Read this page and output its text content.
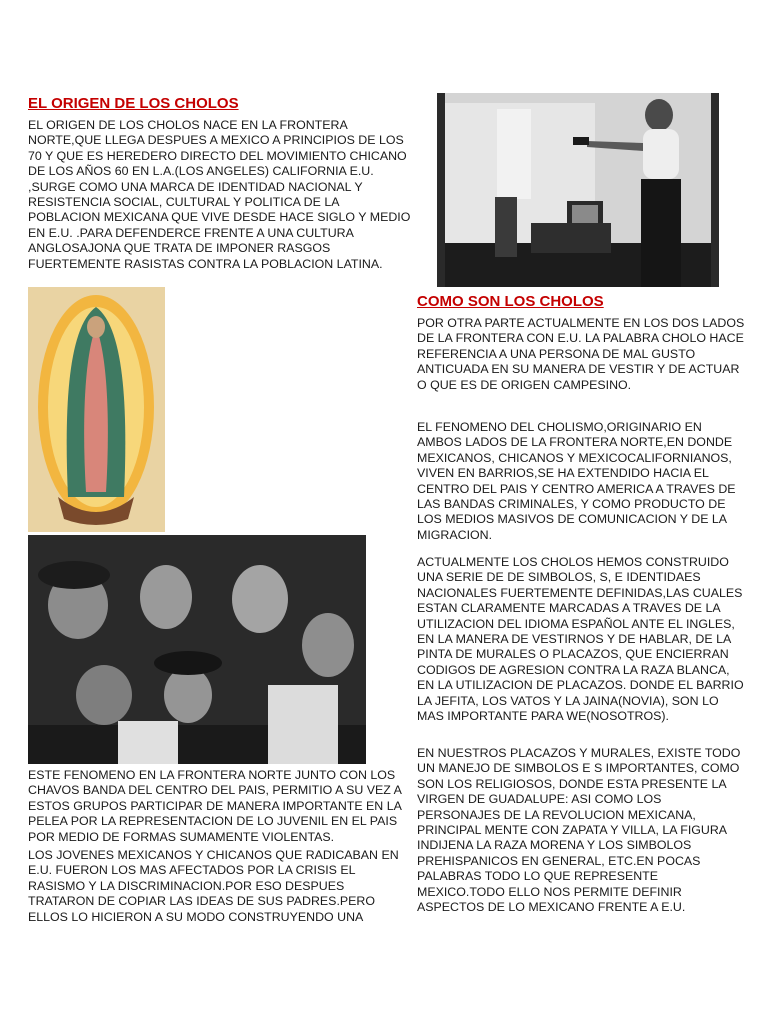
EL ORIGEN DE LOS CHOLOS

EL ORIGEN DE LOS CHOLOS NACE EN LA FRONTERA NORTE,QUE LLEGA DESPUES A MEXICO A PRINCIPIOS DE LOS 70 Y QUE ES HEREDERO DIRECTO DEL MOVIMIENTO CHICANO DE LOS AÑOS 60 EN L.A.(LOS ANGELES) CALIFORNIA E.U. ,SURGE COMO UNA MARCA DE IDENTIDAD NACIONAL Y RESISTENCIA SOCIAL, CULTURAL Y POLITICA DE LA POBLACION MEXICANA QUE VIVE DESDE HACE SIGLO Y MEDIO EN E.U. .PARA DEFENDERCE FRENTE A UNA CULTURA ANGLOSAJONA QUE TRATA DE IMPONER RASGOS FUERTEMENTE RASISTAS CONTRA LA POBLACION LATINA.

COMO SON LOS CHOLOS

POR OTRA PARTE ACTUALMENTE EN LOS DOS LADOS DE LA FRONTERA CON E.U. LA PALABRA CHOLO HACE REFERENCIA A UNA PERSONA DE MAL GUSTO ANTICUADA EN SU MANERA DE VESTIR Y DE ACTUAR O QUE ES DE ORIGEN CAMPESINO.

EL FENOMENO DEL CHOLISMO,ORIGINARIO EN AMBOS LADOS DE LA FRONTERA NORTE,EN DONDE MEXICANOS, CHICANOS Y MEXICOCALIFORNIANOS, VIVEN EN BARRIOS,SE HA EXTENDIDO HACIA EL CENTRO DEL PAIS Y CENTRO AMERICA A TRAVES DE LAS BANDAS CRIMINALES, Y COMO PRODUCTO DE LOS MEDIOS MASIVOS DE COMUNICACION Y DE LA MIGRACION.

ACTUALMENTE LOS CHOLOS HEMOS CONSTRUIDO UNA SERIE DE DE SIMBOLOS, S, E IDENTIDAES NACIONALES FUERTEMENTE DEFINIDAS,LAS CUALES ESTAN CLARAMENTE MARCADAS A TRAVES DE LA UTILIZACION DEL IDIOMA ESPAÑOL ANTE EL INGLES, EN LA MANERA DE VESTIRNOS Y DE HABLAR, DE LA PINTA DE MURALES O PLACAZOS, QUE ENCIERRAN CODIGOS DE AGRESION CONTRA LA RAZA BLANCA, EN LA UTILIZACION DE PLACAZOS. DONDE EL BARRIO LA JEFITA, LOS VATOS Y LA JAINA(NOVIA), SON LO MAS IMPORTANTE PARA WE(NOSOTROS).

EN NUESTROS PLACAZOS Y MURALES, EXISTE TODO UN MANEJO DE SIMBOLOS E S IMPORTANTES, COMO SON LOS RELIGIOSOS, DONDE ESTA PRESENTE LA VIRGEN DE GUADALUPE: ASI COMO LOS PERSONAJES DE LA REVOLUCION MEXICANA, PRINCIPAL MENTE CON ZAPATA Y VILLA, LA FIGURA INDIJENA LA RAZA MORENA Y LOS SIMBOLOS PREHISPANICOS EN GENERAL, ETC.EN POCAS PALABRAS TODO LO QUE REPRESENTE MEXICO.TODO ELLO NOS PERMITE DEFINIR ASPECTOS DE LO MEXICANO FRENTE A E.U.

ESTE FENOMENO EN LA FRONTERA NORTE JUNTO CON LOS CHAVOS BANDA DEL CENTRO DEL PAIS, PERMITIO A SU VEZ A ESTOS GRUPOS PARTICIPAR DE MANERA IMPORTANTE EN LA PELEA POR LA REPRESENTACION DE LO JUVENIL EN EL PAIS POR MEDIO DE FORMAS SUMAMENTE VIOLENTAS.

LOS JOVENES MEXICANOS Y CHICANOS QUE RADICABAN EN E.U. FUERON LOS MAS AFECTADOS POR LA CRISIS EL RASISMO Y LA DISCRIMINACION.POR ESO DESPUES TRATARON DE COPIAR LAS IDEAS DE SUS PADRES.PERO ELLOS LO HICIERON A SU MODO CONSTRUYENDO UNA
